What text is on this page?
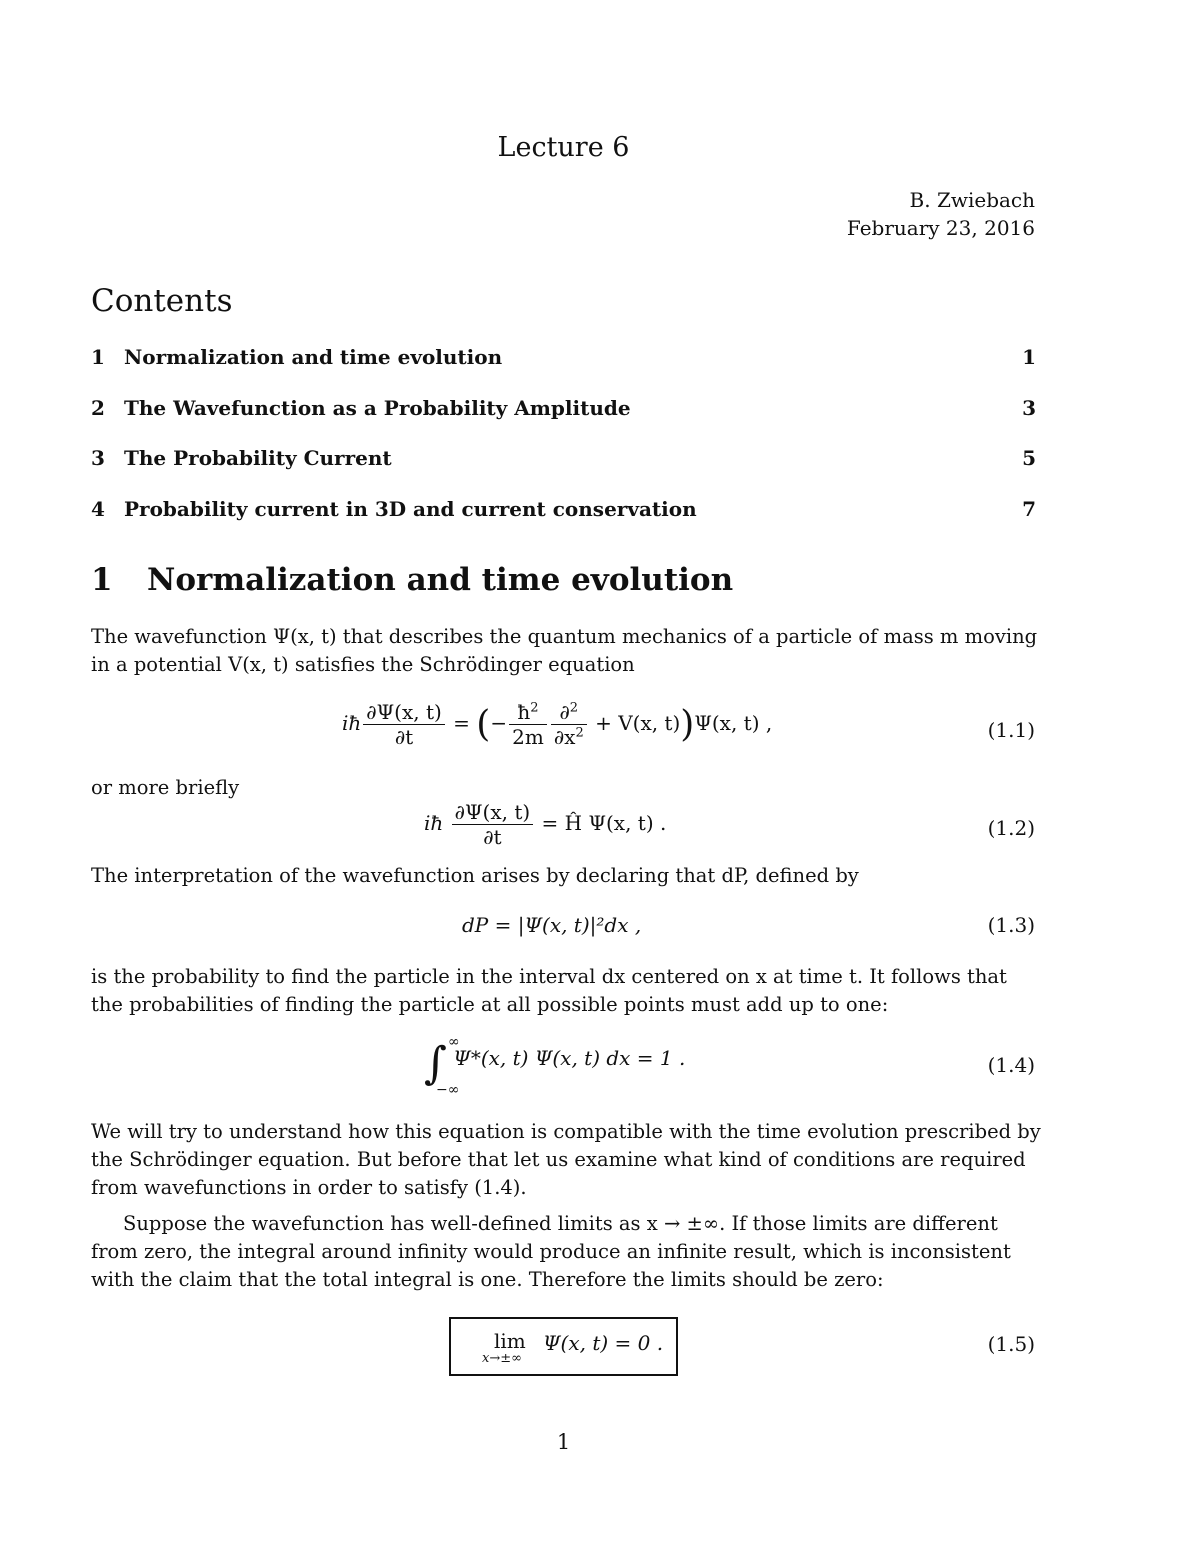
Lecture 6
B. Zwiebach
February 23, 2016
Contents
1 Normalization and time evolution	1
2 The Wavefunction as a Probability Amplitude	3
3 The Probability Current	5
4 Probability current in 3D and current conservation	7
1 Normalization and time evolution
The wavefunction Ψ(x, t) that describes the quantum mechanics of a particle of mass m moving
in a potential V(x, t) satisfies the Schrödinger equation
iħ $\frac{\partial\Psi(x, t)}{\partial t}$ = (− $\frac{ħ^2}{2m} \frac{\partial^2}{\partial x^2} + V(x$, t))Ψ(x, t) ,	(1.1)
or more briefly
iħ $\frac{\partial\Psi(x, t)}{\partial t}$ = Ĥ Ψ(x, t) .	(1.2)
The interpretation of the wavefunction arises by declaring that dP, defined by
dP = |Ψ(x, t)|²dx ,	(1.3)
is the probability to find the particle in the interval dx centered on x at time t. It follows that
the probabilities of finding the particle at all possible points must add up to one:
∫ ∞
−∞
Ψ*(x, t) Ψ(x, t) dx = 1 .	(1.4)
We will try to understand how this equation is compatible with the time evolution prescribed by
the Schrödinger equation. But before that let us examine what kind of conditions are required
from wavefunctions in order to satisfy (1.4).
Suppose the wavefunction has well-defined limits as x → ±∞. If those limits are different
from zero, the integral around infinity would produce an infinite result, which is inconsistent
with the claim that the total integral is one. Therefore the limits should be zero:
lim
x→±∞
Ψ(x, t) = 0 .	(1.5)
1
